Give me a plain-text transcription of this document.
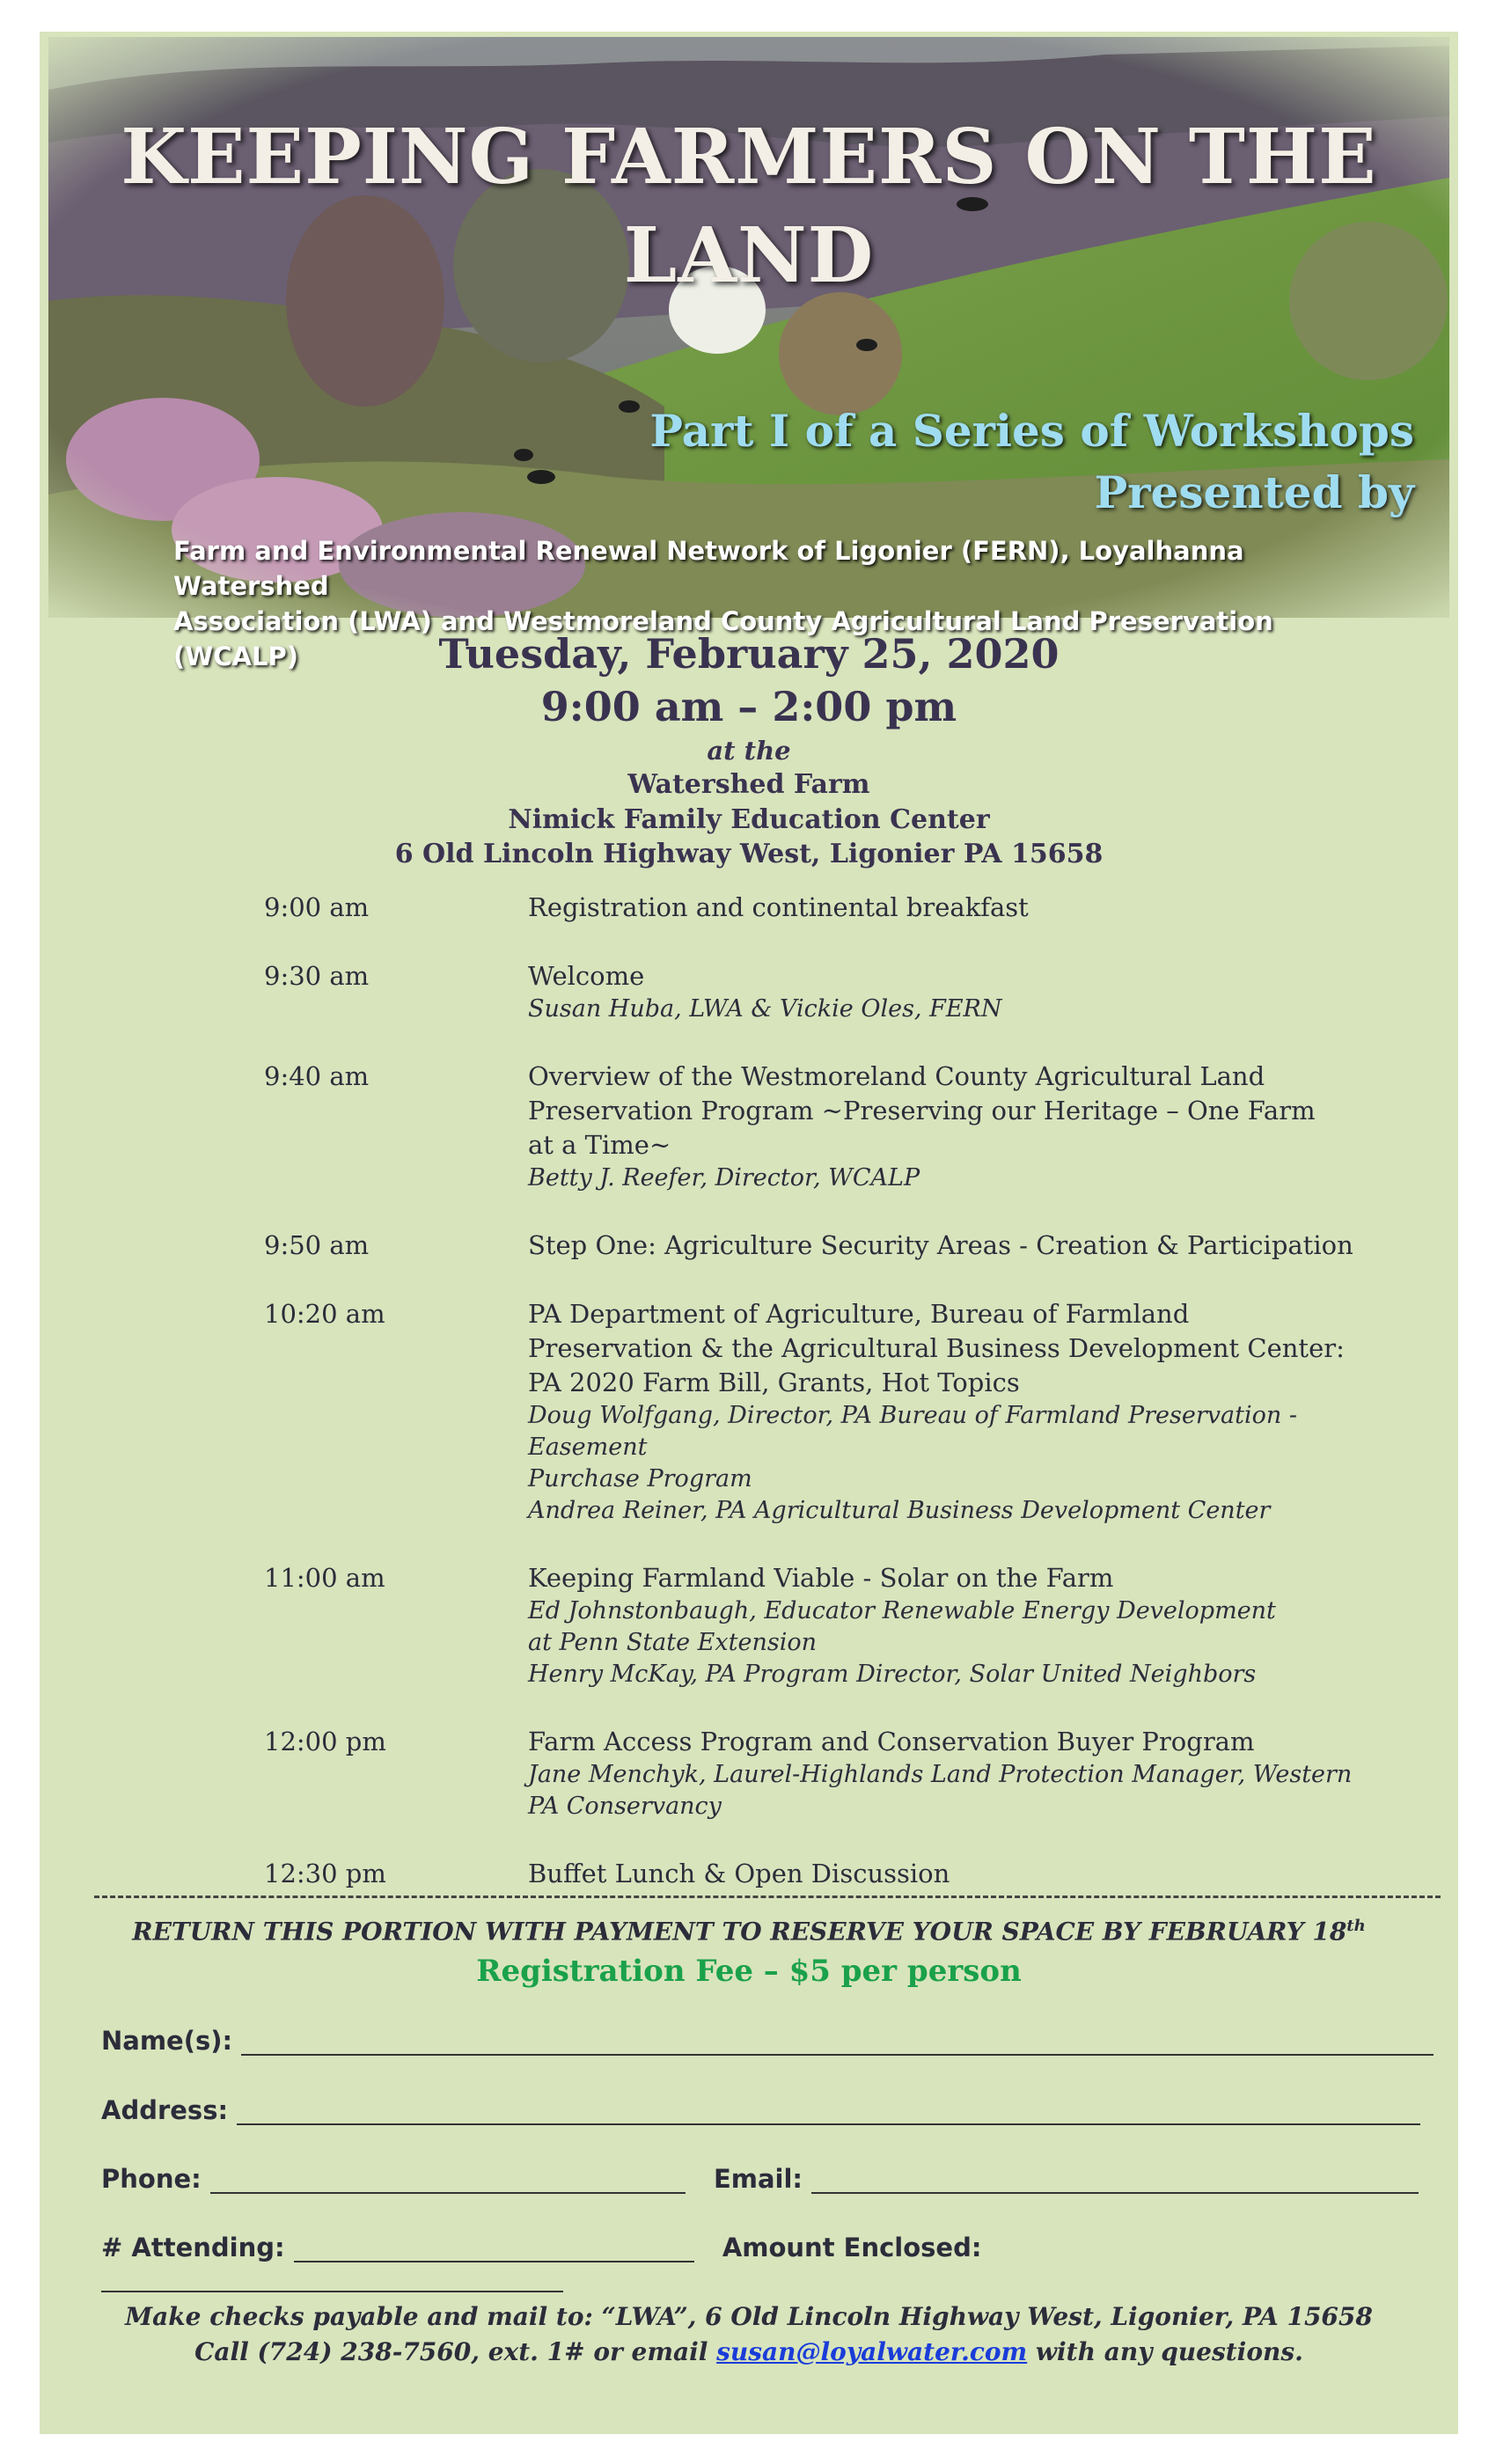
KEEPING FARMERS ON THE
LAND
Part I of a Series of Workshops
Presented by
Farm and Environmental Renewal Network of Ligonier (FERN), Loyalhanna Watershed
Association (LWA) and Westmoreland County Agricultural Land Preservation (WCALP)	Tuesday, February 25, 2020
9:00 am – 2:00 pm
at the
Watershed Farm
Nimick Family Education Center
6 Old Lincoln Highway West, Ligonier PA 15658
9:00 am	Registration and continental breakfast
9:30 am	Welcome
Susan Huba, LWA & Vickie Oles, FERN
9:40 am	Overview of the Westmoreland County Agricultural Land
Preservation Program ~Preserving our Heritage – One Farm
at a Time~
Betty J. Reefer, Director, WCALP
9:50 am	Step One: Agriculture Security Areas - Creation & Participation
10:20 am	PA Department of Agriculture, Bureau of Farmland
Preservation & the Agricultural Business Development Center:
PA 2020 Farm Bill, Grants, Hot Topics
Doug Wolfgang, Director, PA Bureau of Farmland Preservation - Easement
Purchase Program
Andrea Reiner, PA Agricultural Business Development Center
11:00 am	Keeping Farmland Viable - Solar on the Farm
Ed Johnstonbaugh, Educator Renewable Energy Development
at Penn State Extension
Henry McKay, PA Program Director, Solar United Neighbors
12:00 pm	Farm Access Program and Conservation Buyer Program
Jane Menchyk, Laurel-Highlands Land Protection Manager, Western
PA Conservancy
12:30 pm	Buffet Lunch & Open Discussion
RETURN THIS PORTION WITH PAYMENT TO RESERVE YOUR SPACE BY FEBRUARY 18th
Registration Fee – $5 per person
Name(s):
Address:
Phone:	Email:
# Attending:	Amount Enclosed:
Make checks payable and mail to: “LWA”, 6 Old Lincoln Highway West, Ligonier, PA 15658
Call (724) 238-7560, ext. 1# or email susan@loyalwater.com with any questions.
